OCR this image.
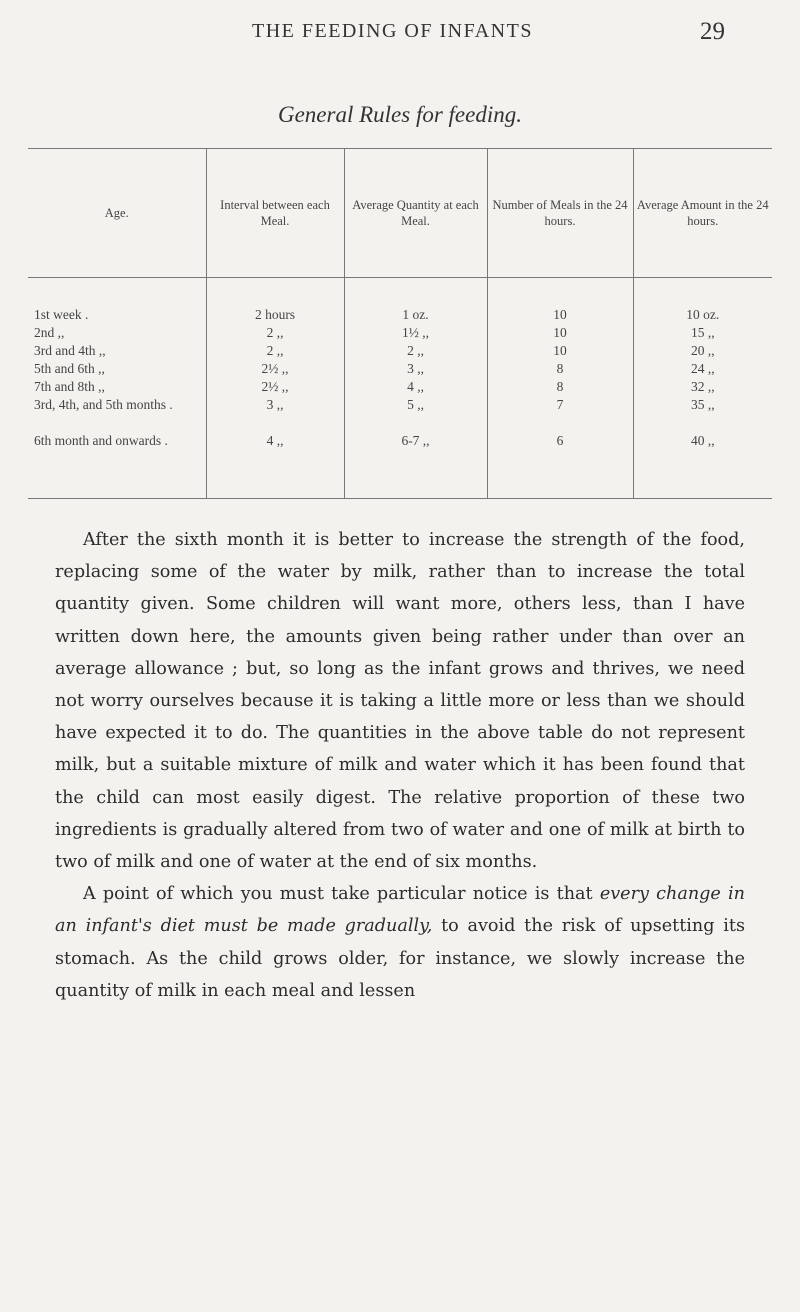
THE FEEDING OF INFANTS	29
General Rules for feeding.
Age.	Interval between each Meal.	Average Quantity at each Meal.	Number of Meals in the 24 hours.	Average Amount in the 24 hours.
1st week .	2 hours	1 oz.	10	10 oz.
2nd ,,	2 ,,	1½ ,,	10	15 ,,
3rd and 4th ,,	2 ,,	2 ,,	10	20 ,,
5th and 6th ,,	2½ ,,	3 ,,	8	24 ,,
7th and 8th ,,	2½ ,,	4 ,,	8	32 ,,
3rd, 4th, and 5th months .	3 ,,	5 ,,	7	35 ,,
6th month and onwards .	4 ,,	6-7 ,,	6	40 ,,

After the sixth month it is better to increase the strength of the food, replacing some of the water by milk, rather than to increase the total quantity given. Some children will want more, others less, than I have written down here, the amounts given being rather under than over an average allowance ; but, so long as the infant grows and thrives, we need not worry ourselves because it is taking a little more or less than we should have expected it to do. The quantities in the above table do not represent milk, but a suitable mixture of milk and water which it has been found that the child can most easily digest. The relative proportion of these two ingredients is gradually altered from two of water and one of milk at birth to two of milk and one of water at the end of six months.

A point of which you must take particular notice is that every change in an infant's diet must be made gradually, to avoid the risk of upsetting its stomach. As the child grows older, for instance, we slowly increase the quantity of milk in each meal and lessen
